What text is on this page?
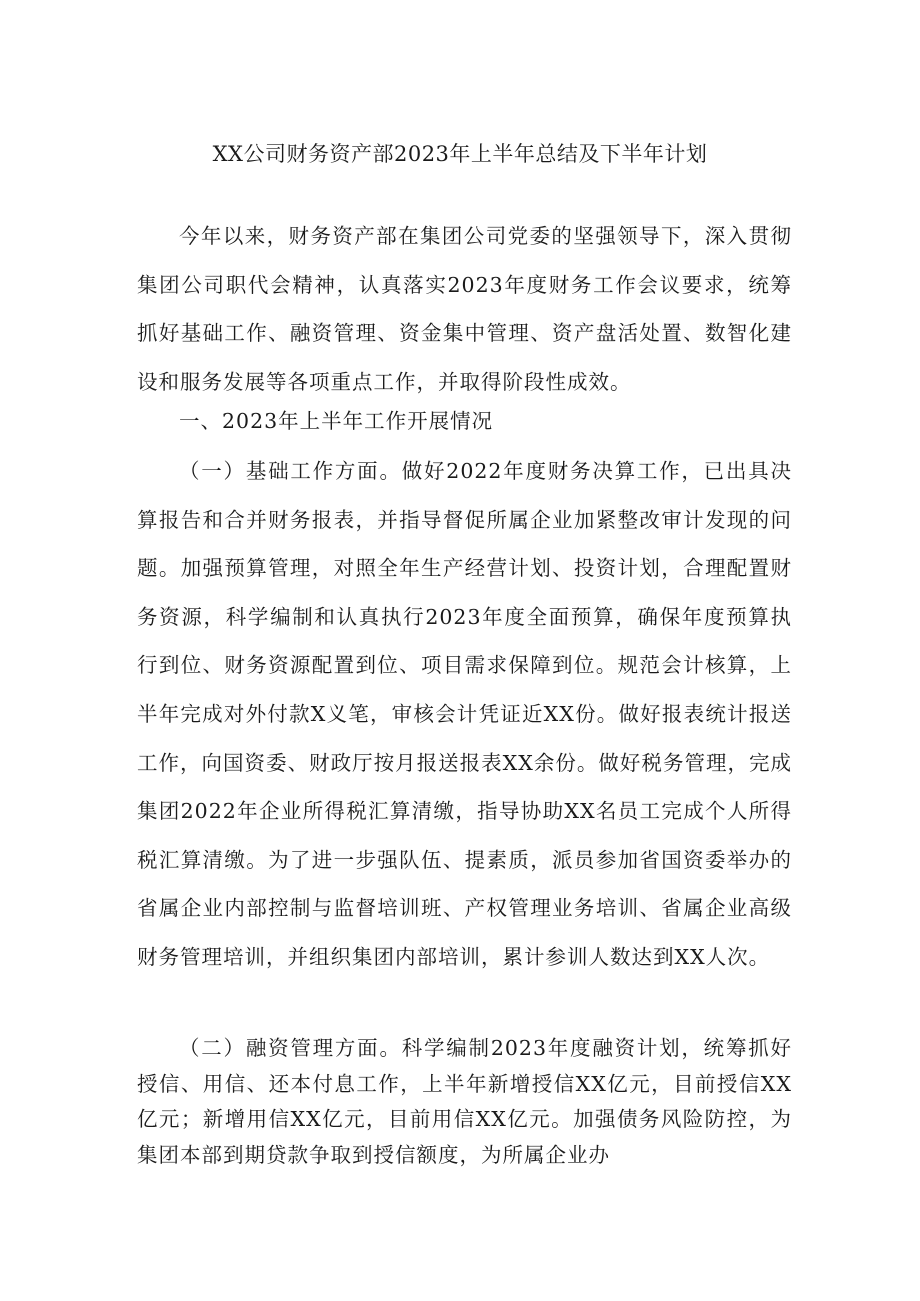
XX公司财务资产部2023年上半年总结及下半年计划

今年以来，财务资产部在集团公司党委的坚强领导下，深入贯彻集团公司职代会精神，认真落实2023年度财务工作会议要求，统筹抓好基础工作、融资管理、资金集中管理、资产盘活处置、数智化建设和服务发展等各项重点工作，并取得阶段性成效。

一、2023年上半年工作开展情况

（一）基础工作方面。做好2022年度财务决算工作，已出具决算报告和合并财务报表，并指导督促所属企业加紧整改审计发现的问题。加强预算管理，对照全年生产经营计划、投资计划，合理配置财务资源，科学编制和认真执行2023年度全面预算，确保年度预算执行到位、财务资源配置到位、项目需求保障到位。规范会计核算，上半年完成对外付款X义笔，审核会计凭证近XX份。做好报表统计报送工作，向国资委、财政厅按月报送报表XX余份。做好税务管理，完成集团2022年企业所得税汇算清缴，指导协助XX名员工完成个人所得税汇算清缴。为了进一步强队伍、提素质，派员参加省国资委举办的省属企业内部控制与监督培训班、产权管理业务培训、省属企业高级财务管理培训，并组织集团内部培训，累计参训人数达到XX人次。

（二）融资管理方面。科学编制2023年度融资计划，统筹抓好授信、用信、还本付息工作，上半年新增授信XX亿元，目前授信XX亿元；新增用信XX亿元，目前用信XX亿元。加强债务风险防控，为集团本部到期贷款争取到授信额度，为所属企业办
